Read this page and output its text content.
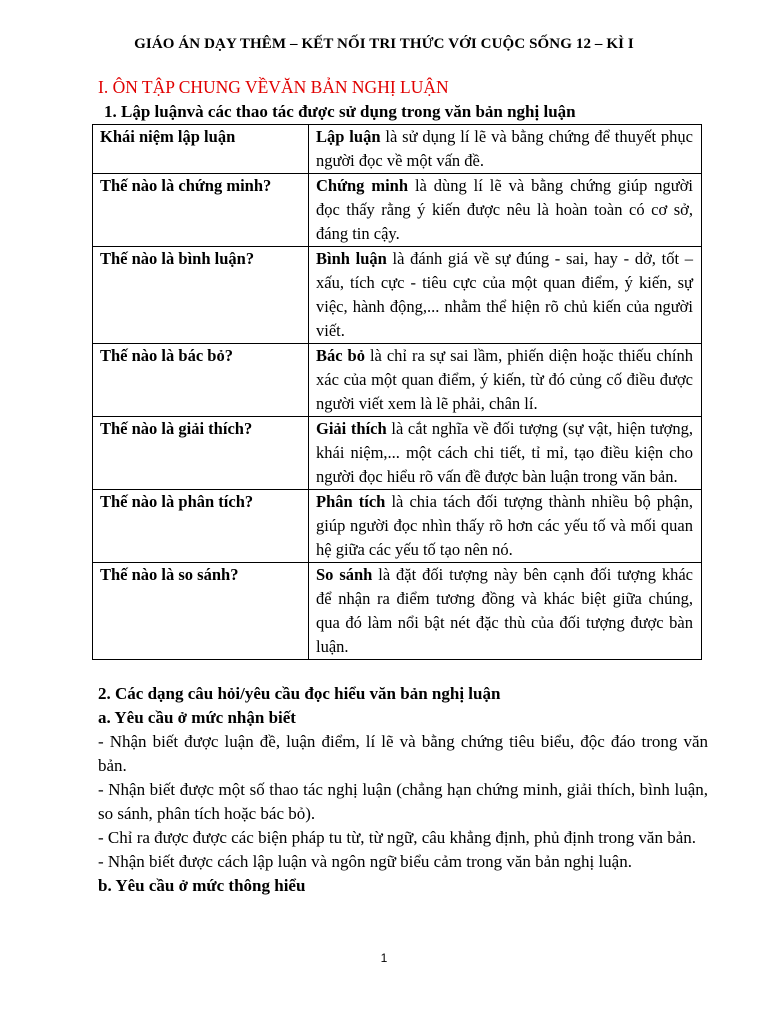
GIÁO ÁN DẠY THÊM – KẾT NỐI TRI THỨC VỚI CUỘC SỐNG 12 – KÌ I
I. ÔN TẬP CHUNG VỀVĂN BẢN NGHỊ LUẬN
1. Lập luậnvà các thao tác được sử dụng trong văn bản nghị luận
Khái niệm lập luận	Lập luận là sử dụng lí lẽ và bằng chứng để thuyết phục người đọc về một vấn đề.

Thế nào là chứng minh?	Chứng minh là dùng lí lẽ và bằng chứng giúp người đọc thấy rằng ý kiến được nêu là hoàn toàn có cơ sở, đáng tin cậy.

Thế nào là bình luận?	Bình luận là đánh giá về sự đúng - sai, hay - dở, tốt – xấu, tích cực - tiêu cực của một quan điểm, ý kiến, sự việc, hành động,... nhằm thể hiện rõ chủ kiến của người viết.

Thế nào là bác bỏ?	Bác bỏ là chỉ ra sự sai lầm, phiến diện hoặc thiếu chính xác của một quan điểm, ý kiến, từ đó củng cố điều được người viết xem là lẽ phải, chân lí.

Thế nào là giải thích?	Giải thích là cắt nghĩa về đối tượng (sự vật, hiện tượng, khái niệm,... một cách chi tiết, tỉ mỉ, tạo điều kiện cho người đọc hiểu rõ vấn đề được bàn luận trong văn bản.

Thế nào là phân tích?	Phân tích là chia tách đối tượng thành nhiều bộ phận, giúp người đọc nhìn thấy rõ hơn các yếu tố và mối quan hệ giữa các yếu tố tạo nên nó.

Thế nào là so sánh?	So sánh là đặt đối tượng này bên cạnh đối tượng khác để nhận ra điểm tương đồng và khác biệt giữa chúng, qua đó làm nổi bật nét đặc thù của đối tượng được bàn luận.

2. Các dạng câu hỏi/yêu cầu đọc hiểu văn bản nghị luận

a. Yêu cầu ở mức nhận biết

- Nhận biết được luận đề, luận điểm, lí lẽ và bằng chứng tiêu biểu, độc đáo trong văn bản.

- Nhận biết được một số thao tác nghị luận (chẳng hạn chứng minh, giải thích, bình luận, so sánh, phân tích hoặc bác bỏ).

- Chỉ ra được được các biện pháp tu từ, từ ngữ, câu khẳng định, phủ định trong văn bản.

- Nhận biết được cách lập luận và ngôn ngữ biểu cảm trong văn bản nghị luận.

b. Yêu cầu ở mức thông hiểu

1
